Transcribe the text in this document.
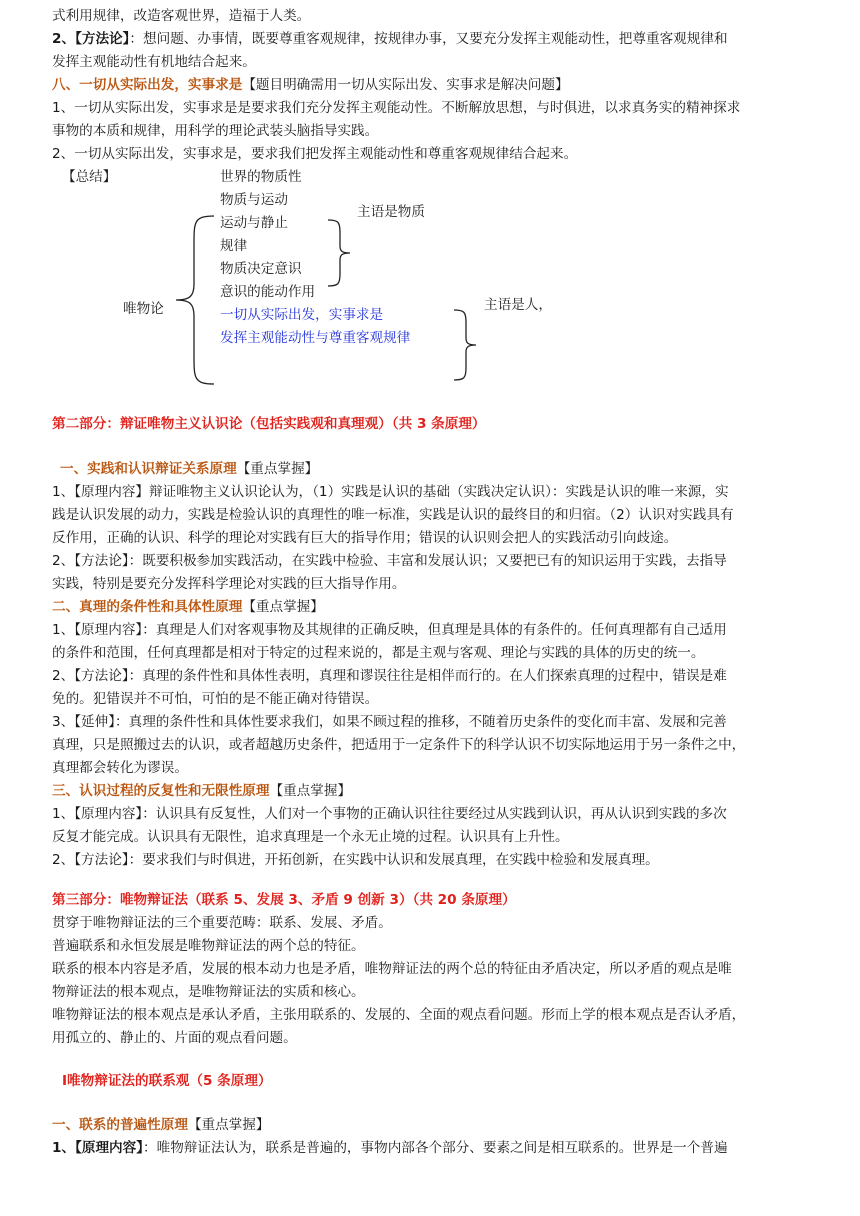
式利用规律，改造客观世界，造福于人类。

2、【方法论】：想问题、办事情，既要尊重客观规律，按规律办事，又要充分发挥主观能动性，把尊重客观规律和

发挥主观能动性有机地结合起来。

八、一切从实际出发，实事求是【题目明确需用一切从实际出发、实事求是解决问题】

1、一切从实际出发，实事求是是要求我们充分发挥主观能动性。不断解放思想，与时俱进，以求真务实的精神探求

事物的本质和规律，用科学的理论武装头脑指导实践。

2、一切从实际出发，实事求是，要求我们把发挥主观能动性和尊重客观规律结合起来。

【总结】

唯物论

世界的物质性

物质与运动

运动与静止

规律

物质决定意识

意识的能动作用

一切从实际出发，实事求是

发挥主观能动性与尊重客观规律

主语是物质

主语是人，

第二部分：辩证唯物主义认识论（包括实践观和真理观）（共 3 条原理）

一、实践和认识辩证关系原理【重点掌握】

1、【原理内容】辩证唯物主义认识论认为，（1）实践是认识的基础（实践决定认识）：实践是认识的唯一来源，实

践是认识发展的动力，实践是检验认识的真理性的唯一标准，实践是认识的最终目的和归宿。（2）认识对实践具有

反作用，正确的认识、科学的理论对实践有巨大的指导作用；错误的认识则会把人的实践活动引向歧途。

2、【方法论】：既要积极参加实践活动，在实践中检验、丰富和发展认识；又要把已有的知识运用于实践，去指导

实践，特别是要充分发挥科学理论对实践的巨大指导作用。

二、真理的条件性和具体性原理【重点掌握】

1、【原理内容】：真理是人们对客观事物及其规律的正确反映，但真理是具体的有条件的。任何真理都有自己适用

的条件和范围，任何真理都是相对于特定的过程来说的，都是主观与客观、理论与实践的具体的历史的统一。

2、【方法论】：真理的条件性和具体性表明，真理和谬误往往是相伴而行的。在人们探索真理的过程中，错误是难

免的。犯错误并不可怕，可怕的是不能正确对待错误。

3、【延伸】：真理的条件性和具体性要求我们，如果不顾过程的推移，不随着历史条件的变化而丰富、发展和完善

真理，只是照搬过去的认识，或者超越历史条件，把适用于一定条件下的科学认识不切实际地运用于另一条件之中，

真理都会转化为谬误。

三、认识过程的反复性和无限性原理【重点掌握】

1、【原理内容】：认识具有反复性，人们对一个事物的正确认识往往要经过从实践到认识，再从认识到实践的多次

反复才能完成。认识具有无限性，追求真理是一个永无止境的过程。认识具有上升性。

2、【方法论】：要求我们与时俱进，开拓创新，在实践中认识和发展真理，在实践中检验和发展真理。

第三部分：唯物辩证法（联系 5、发展 3、矛盾 9 创新 3）（共 20 条原理）

贯穿于唯物辩证法的三个重要范畴：联系、发展、矛盾。

普遍联系和永恒发展是唯物辩证法的两个总的特征。

联系的根本内容是矛盾，发展的根本动力也是矛盾，唯物辩证法的两个总的特征由矛盾决定，所以矛盾的观点是唯

物辩证法的根本观点，是唯物辩证法的实质和核心。

唯物辩证法的根本观点是承认矛盾，主张用联系的、发展的、全面的观点看问题。形而上学的根本观点是否认矛盾，

用孤立的、静止的、片面的观点看问题。

Ⅰ唯物辩证法的联系观（5 条原理）

一、联系的普遍性原理【重点掌握】

1、【原理内容】：唯物辩证法认为，联系是普遍的，事物内部各个部分、要素之间是相互联系的。世界是一个普遍
